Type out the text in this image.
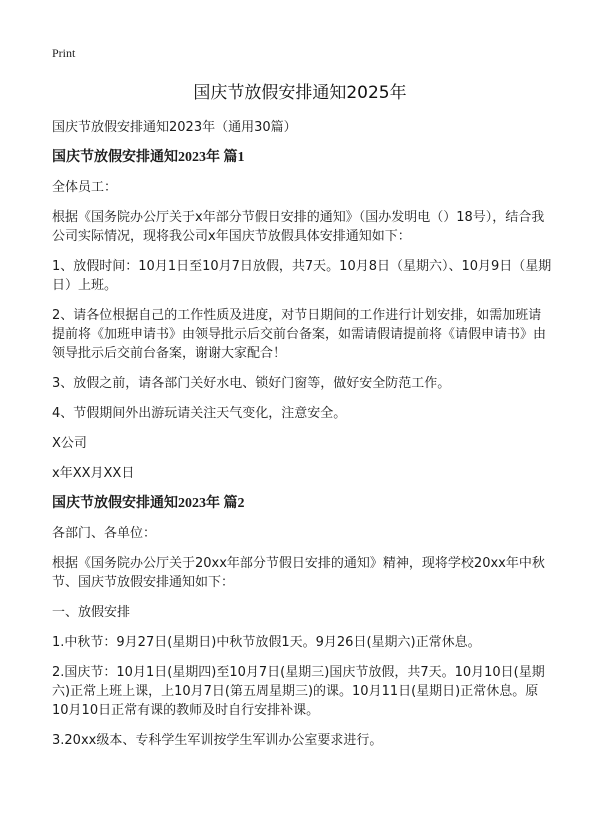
Print
国庆节放假安排通知2025年

国庆节放假安排通知2023年（通用30篇）

国庆节放假安排通知2023年 篇1

全体员工：

根据《国务院办公厅关于x年部分节假日安排的通知》（国办发明电（）18号），结合我公司实际情况，现将我公司x年国庆节放假具体安排通知如下：

1、放假时间：10月1日至10月7日放假，共7天。10月8日（星期六）、10月9日（星期日）上班。

2、请各位根据自己的工作性质及进度，对节日期间的工作进行计划安排，如需加班请提前将《加班申请书》由领导批示后交前台备案，如需请假请提前将《请假申请书》由领导批示后交前台备案，谢谢大家配合！

3、放假之前，请各部门关好水电、锁好门窗等，做好安全防范工作。

4、节假期间外出游玩请关注天气变化，注意安全。

X公司

x年XX月XX日

国庆节放假安排通知2023年 篇2

各部门、各单位：

根据《国务院办公厅关于20xx年部分节假日安排的通知》精神，现将学校20xx年中秋节、国庆节放假安排通知如下：

一、放假安排

1.中秋节：9月27日(星期日)中秋节放假1天。9月26日(星期六)正常休息。

2.国庆节：10月1日(星期四)至10月7日(星期三)国庆节放假，共7天。10月10日(星期六)正常上班上课，上10月7日(第五周星期三)的课。10月11日(星期日)正常休息。原10月10日正常有课的教师及时自行安排补课。

3.20xx级本、专科学生军训按学生军训办公室要求进行。
